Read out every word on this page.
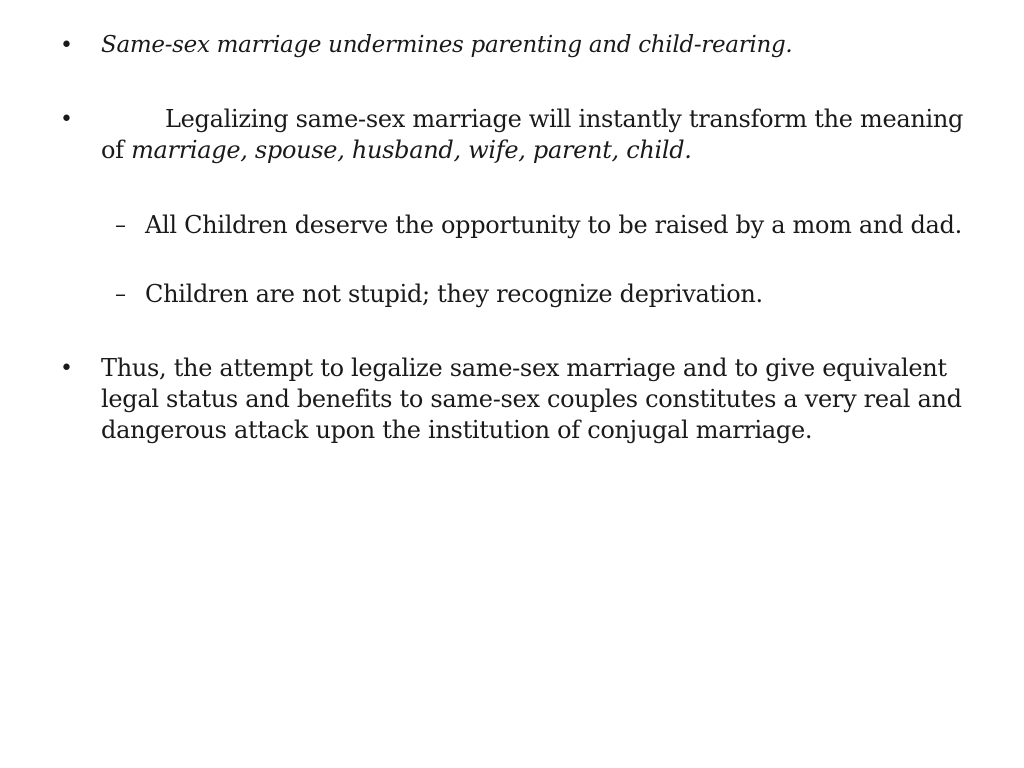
• Same-sex marriage undermines parenting and child-rearing.
•	Legalizing same-sex marriage will instantly transform the meaning of marriage, spouse, husband, wife, parent, child.
– All Children deserve the opportunity to be raised by a mom and dad.
– Children are not stupid; they recognize deprivation.
• Thus, the attempt to legalize same-sex marriage and to give equivalent legal status and benefits to same-sex couples constitutes a very real and dangerous attack upon the institution of conjugal marriage.
